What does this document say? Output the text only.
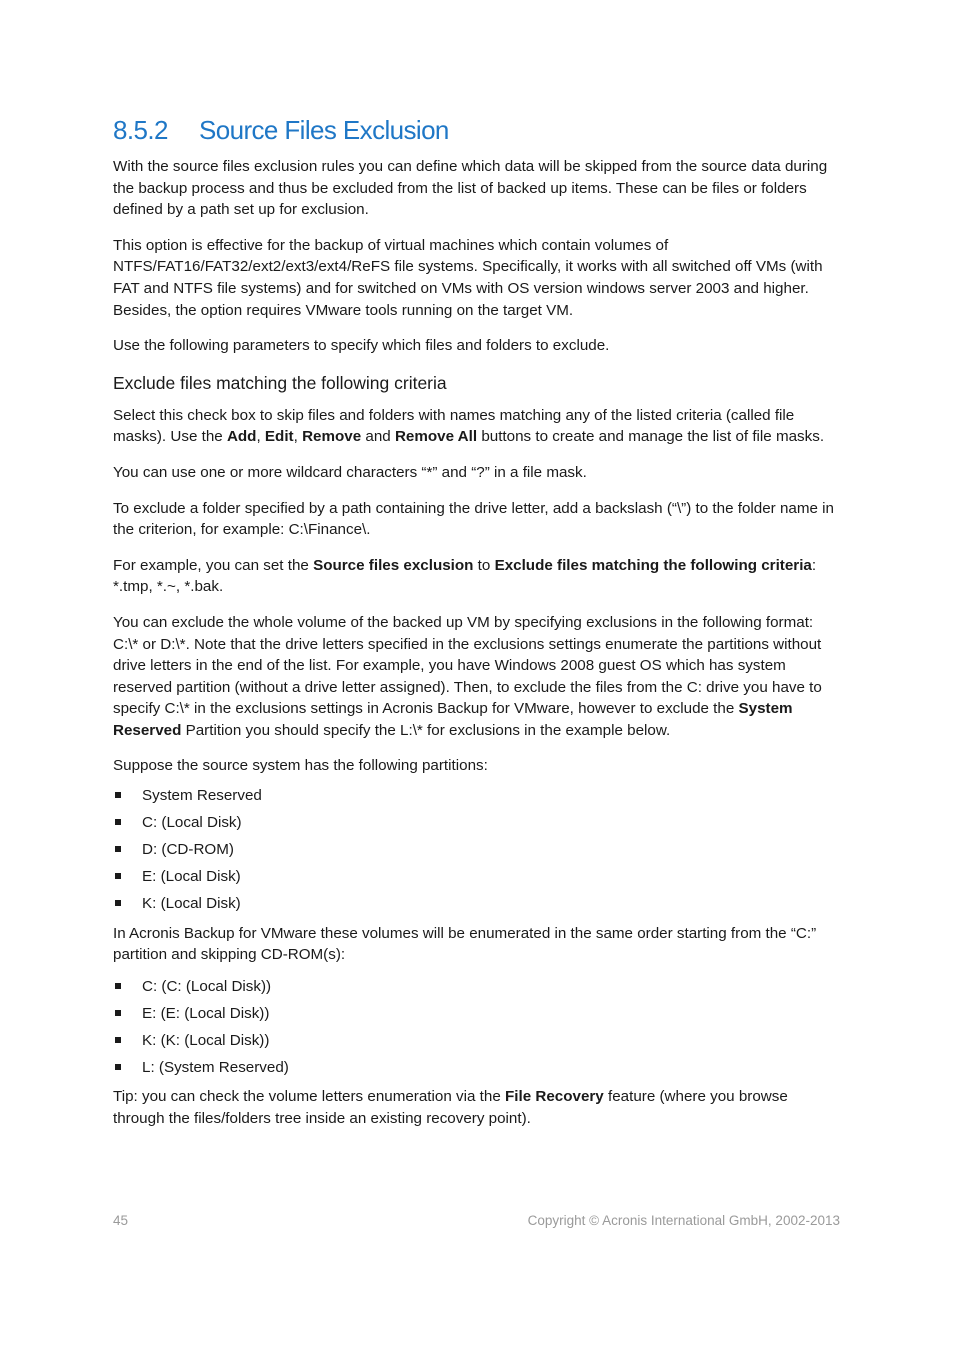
8.5.2	Source Files Exclusion

With the source files exclusion rules you can define which data will be skipped from the source data during the backup process and thus be excluded from the list of backed up items. These can be files or folders defined by a path set up for exclusion.

This option is effective for the backup of virtual machines which contain volumes of NTFS/FAT16/FAT32/ext2/ext3/ext4/ReFS file systems. Specifically, it works with all switched off VMs (with FAT and NTFS file systems) and for switched on VMs with OS version windows server 2003 and higher. Besides, the option requires VMware tools running on the target VM.

Use the following parameters to specify which files and folders to exclude.

Exclude files matching the following criteria

Select this check box to skip files and folders with names matching any of the listed criteria (called file masks). Use the Add, Edit, Remove and Remove All buttons to create and manage the list of file masks.

You can use one or more wildcard characters “*” and “?” in a file mask.

To exclude a folder specified by a path containing the drive letter, add a backslash (“\”) to the folder name in the criterion, for example: C:\Finance\.

For example, you can set the Source files exclusion to Exclude files matching the following criteria: *.tmp, *.~, *.bak.

You can exclude the whole volume of the backed up VM by specifying exclusions in the following format: C:\* or D:\*. Note that the drive letters specified in the exclusions settings enumerate the partitions without drive letters in the end of the list. For example, you have Windows 2008 guest OS which has system reserved partition (without a drive letter assigned). Then, to exclude the files from the C: drive you have to specify C:\* in the exclusions settings in Acronis Backup for VMware, however to exclude the System Reserved Partition you should specify the L:\* for exclusions in the example below.

Suppose the source system has the following partitions:

System Reserved
C: (Local Disk)
D: (CD-ROM)
E: (Local Disk)
K: (Local Disk)

In Acronis Backup for VMware these volumes will be enumerated in the same order starting from the “C:” partition and skipping CD-ROM(s):

C: (C: (Local Disk))
E: (E: (Local Disk))
K: (K: (Local Disk))
L: (System Reserved)

Tip: you can check the volume letters enumeration via the File Recovery feature (where you browse through the files/folders tree inside an existing recovery point).

45	Copyright © Acronis International GmbH, 2002-2013
